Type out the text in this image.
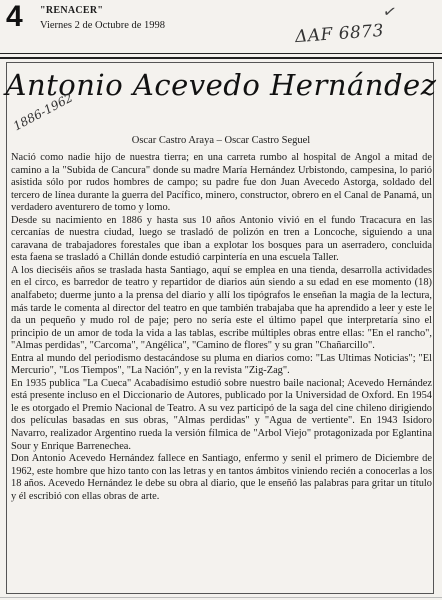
4 "RENACER"
Viernes 2 de Octubre de 1998
✓
ΔAF 6873
Antonio Acevedo Hernández
1886-1962
Oscar Castro Araya – Oscar Castro Seguel

Nació como nadie hijo de nuestra tierra; en una carreta rumbo al hospital de Angol a mitad de camino a la "Subida de Cancura" donde su madre María Hernández Urbistondo, campesina, lo parió asistida sólo por rudos hombres de campo; su padre fue don Juan Avecedo Astorga, soldado del tercero de línea durante la guerra del Pacífico, minero, constructor, obrero en el Canal de Panamá, un verdadero aventurero de tomo y lomo.

Desde su nacimiento en 1886 y hasta sus 10 años Antonio vivió en el fundo Tracacura en las cercanías de nuestra ciudad, luego se trasladó de polizón en tren a Loncoche, siguiendo a una caravana de trabajadores forestales que iban a explotar los bosques para un aserradero, concluida esta faena se trasladó a Chillán donde estudió carpintería en una escuela Taller.

A los dieciséis años se traslada hasta Santiago, aquí se emplea en una tienda, desarrolla actividades en el circo, es barredor de teatro y repartidor de diarios aún siendo a su edad en ese momento (18) analfabeto; duerme junto a la prensa del diario y allí los tipógrafos le enseñan la magia de la lectura, más tarde le comenta al director del teatro en que también trabajaba que ha aprendido a leer y este le da un pequeño y mudo rol de paje; pero no sería este el último papel que interpretaría sino el principio de un amor de toda la vida a las tablas, escribe múltiples obras entre ellas: "En el rancho", "Almas perdidas", "Carcoma", "Angélica", "Camino de flores" y su gran "Chañarcillo".

Entra al mundo del periodismo destacándose su pluma en diarios como: "Las Ultimas Noticias"; "El Mercurio", "Los Tiempos", "La Nación", y en la revista "Zig-Zag".

En 1935 publica "La Cueca" Acabadísimo estudió sobre nuestro baile nacional; Acevedo Hernández está presente incluso en el Diccionario de Autores, publicado por la Universidad de Oxford. En 1954 le es otorgado el Premio Nacional de Teatro. A su vez participó de la saga del cine chileno dirigiendo dos películas basadas en sus obras, "Almas perdidas" y "Agua de vertiente". En 1943 Isidoro Navarro, realizador Argentino rueda la versión fílmica de "Arbol Viejo" protagonizada por Eglantina Sour y Enrique Barrenechea.

Don Antonio Acevedo Hernández fallece en Santiago, enfermo y senil el primero de Diciembre de 1962, este hombre que hizo tanto con las letras y en tantos ámbitos viniendo recién a conocerlas a los 18 años. Acevedo Hernández le debe su obra al diario, que le enseñó las palabras para gritar un título y él escribió con ellas obras de arte.
